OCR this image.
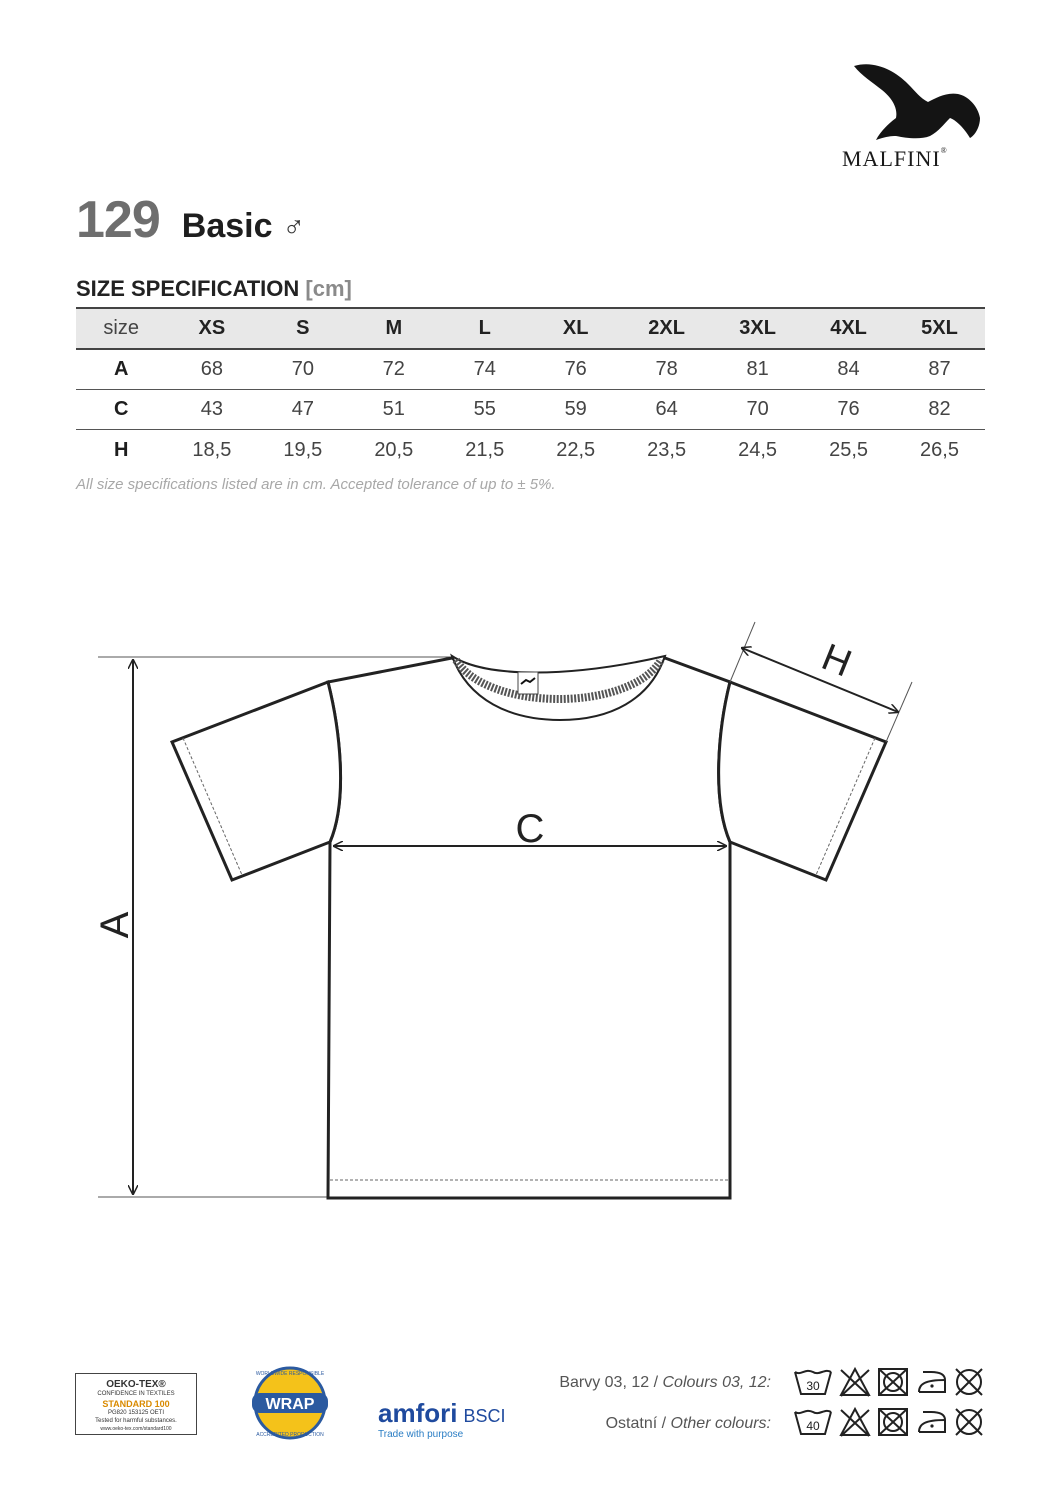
MALFINI®
129 Basic ♂
SIZE SPECIFICATION [cm]
size	XS	S	M	L	XL	2XL	3XL	4XL	5XL
A	68	70	72	74	76	78	81	84	87
C	43	47	51	55	59	64	70	76	82
H	18,5	19,5	20,5	21,5	22,5	23,5	24,5	25,5	26,5
All size specifications listed are in cm. Accepted tolerance of up to ± 5%.
A
C
H
OEKO-TEX®
CONFIDENCE IN TEXTILES
STANDARD 100
PG820 153125 OETI
Tested for harmful substances.
www.oeko-tex.com/standard100
WRAP
WORLDWIDE RESPONSIBLE
ACCREDITED PRODUCTION
amfori BSCI
Trade with purpose
Barvy 03, 12 / Colours 03, 12:
Ostatní / Other colours:
30
40
